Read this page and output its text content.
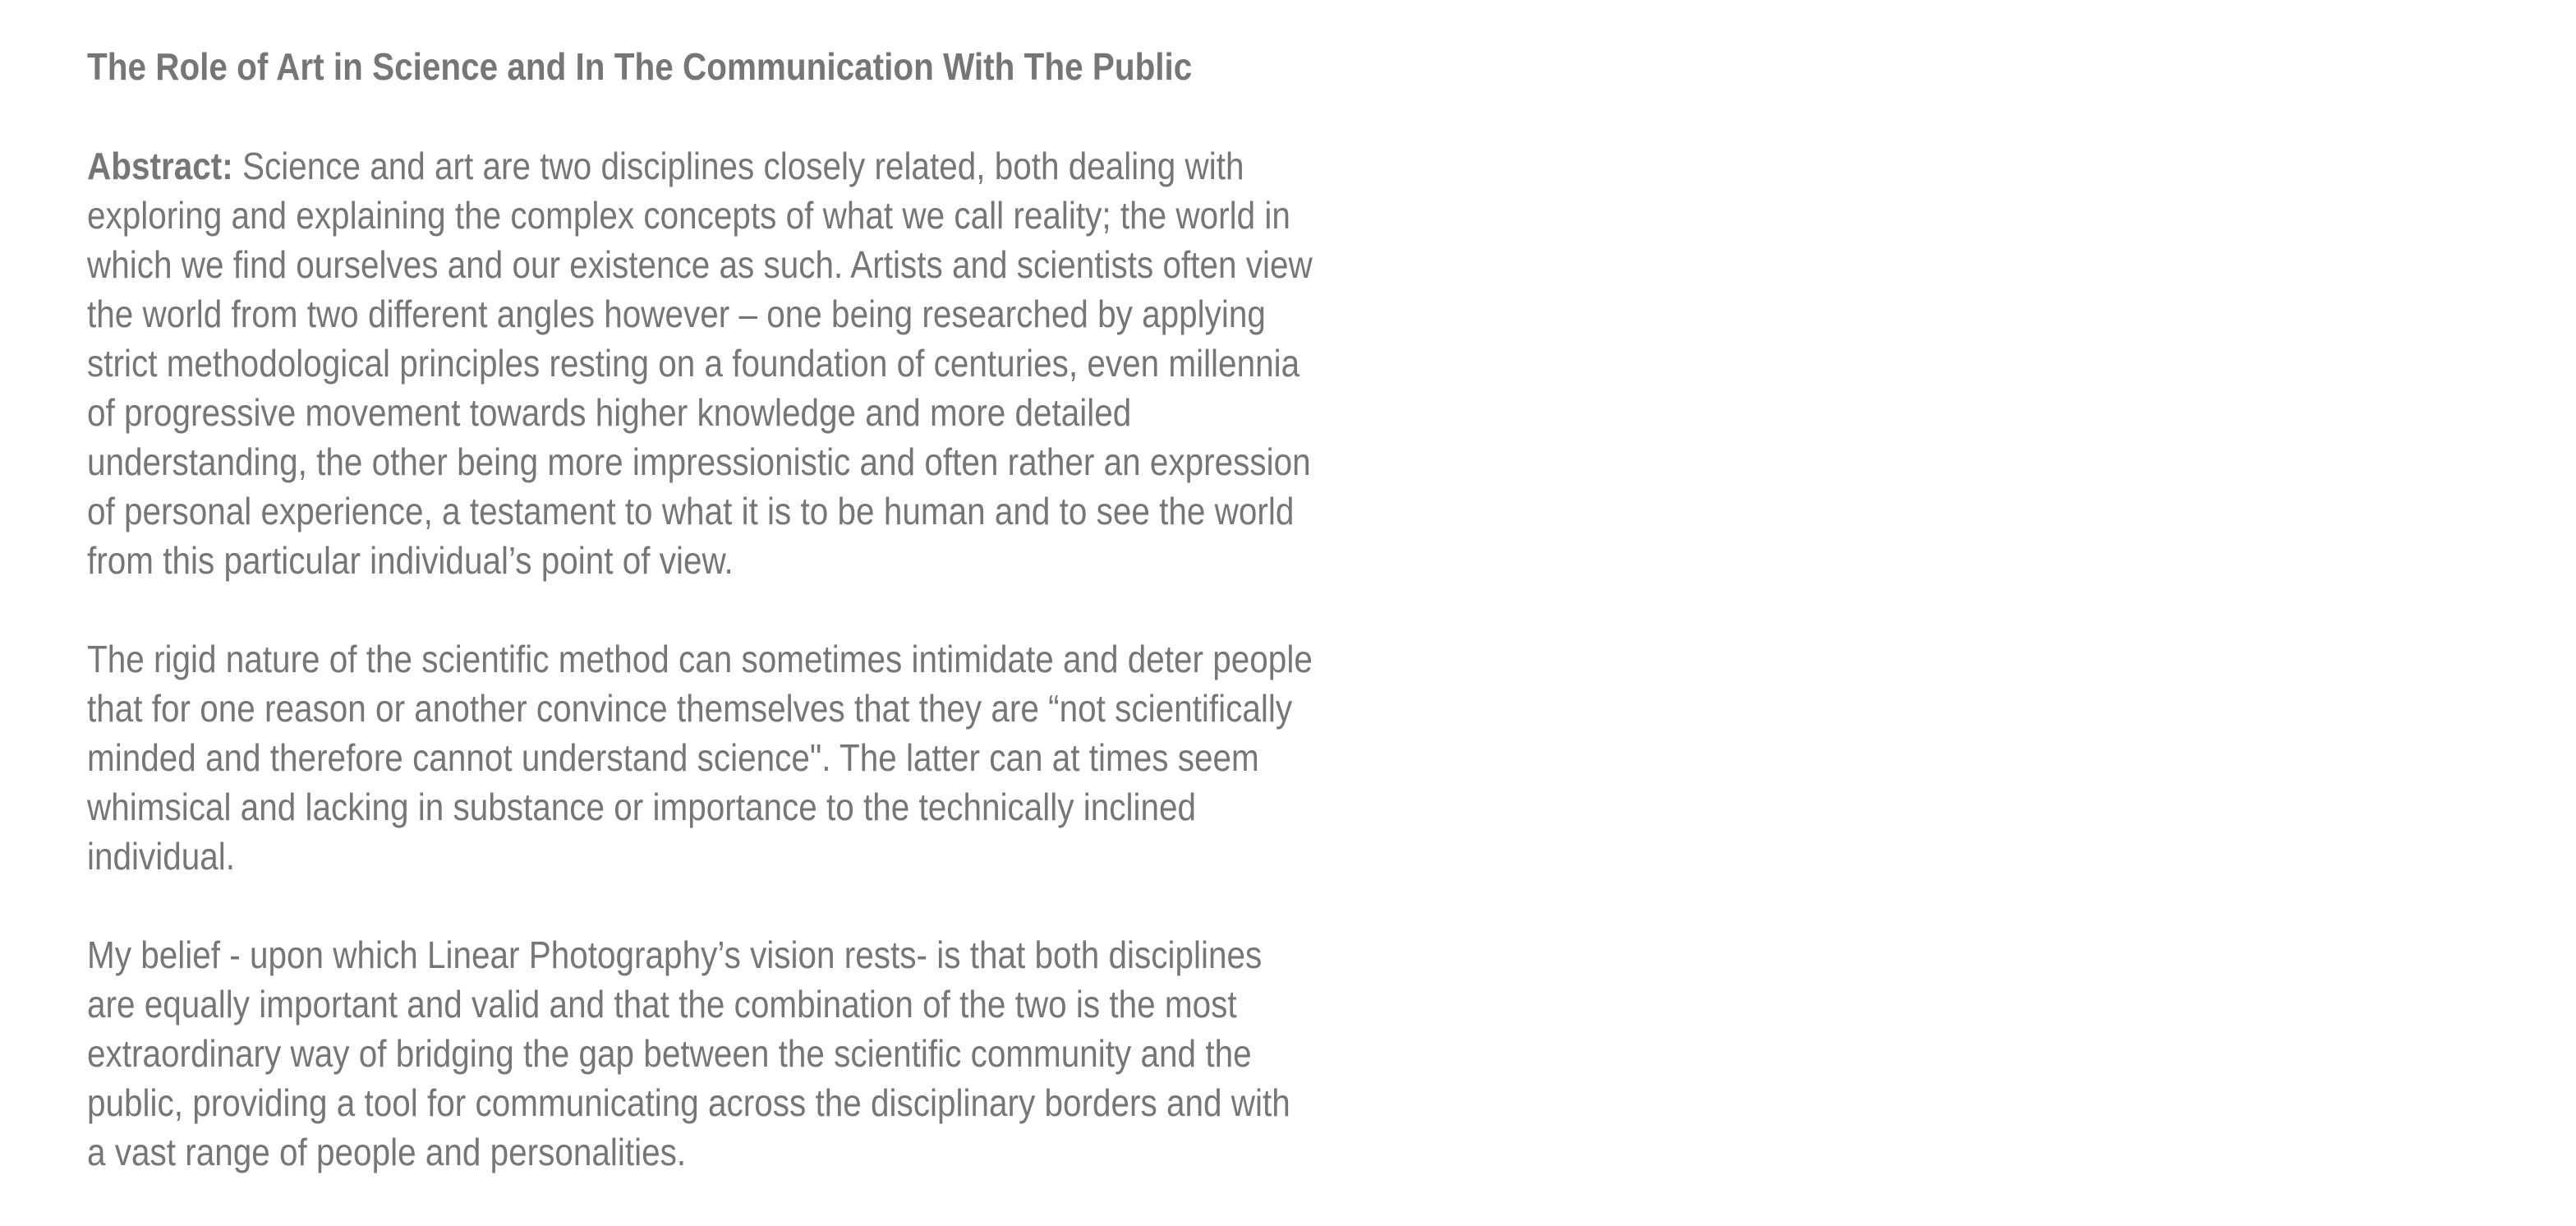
The Role of Art in Science and In The Communication With The Public
Abstract: Science and art are two disciplines closely related, both dealing with
exploring and explaining the complex concepts of what we call reality; the world in
which we find ourselves and our existence as such. Artists and scientists often view
the world from two different angles however – one being researched by applying
strict methodological principles resting on a foundation of centuries, even millennia
of progressive movement towards higher knowledge and more detailed
understanding, the other being more impressionistic and often rather an expression
of personal experience, a testament to what it is to be human and to see the world
from this particular individual’s point of view.
The rigid nature of the scientific method can sometimes intimidate and deter people
that for one reason or another convince themselves that they are “not scientifically
minded and therefore cannot understand science". The latter can at times seem
whimsical and lacking in substance or importance to the technically inclined
individual.
My belief - upon which Linear Photography’s vision rests- is that both disciplines
are equally important and valid and that the combination of the two is the most
extraordinary way of bridging the gap between the scientific community and the
public, providing a tool for communicating across the disciplinary borders and with
a vast range of people and personalities.
